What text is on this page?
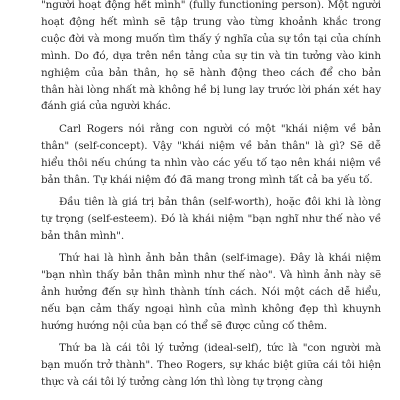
"người hoạt động hết mình" (fully functioning person). Một người hoạt động hết mình sẽ tập trung vào từng khoảnh khắc trong cuộc đời và mong muốn tìm thấy ý nghĩa của sự tồn tại của chính mình. Do đó, dựa trên nền tảng của sự tin và tin tưởng vào kinh nghiệm của bản thân, họ sẽ hành động theo cách để cho bản thân hài lòng nhất mà không hề bị lung lay trước lời phán xét hay đánh giá của người khác.

Carl Rogers nói rằng con người có một "khái niệm về bản thân" (self-concept). Vậy "khái niệm về bản thân" là gì? Sẽ dễ hiểu thôi nếu chúng ta nhìn vào các yếu tố tạo nên khái niệm về bản thân. Tự khái niệm đó đã mang trong mình tất cả ba yếu tố.

Đầu tiên là giá trị bản thân (self-worth), hoặc đôi khi là lòng tự trọng (self-esteem). Đó là khái niệm "bạn nghĩ như thế nào về bản thân mình".

Thứ hai là hình ảnh bản thân (self-image). Đây là khái niệm "bạn nhìn thấy bản thân mình như thế nào". Và hình ảnh này sẽ ảnh hưởng đến sự hình thành tính cách. Nói một cách dễ hiểu, nếu bạn cảm thấy ngoại hình của mình không đẹp thì khuynh hướng hướng nội của bạn có thể sẽ được củng cố thêm.

Thứ ba là cái tôi lý tưởng (ideal-self), tức là "con người mà bạn muốn trở thành". Theo Rogers, sự khác biệt giữa cái tôi hiện thực và cái tôi lý tưởng càng lớn thì lòng tự trọng càng
